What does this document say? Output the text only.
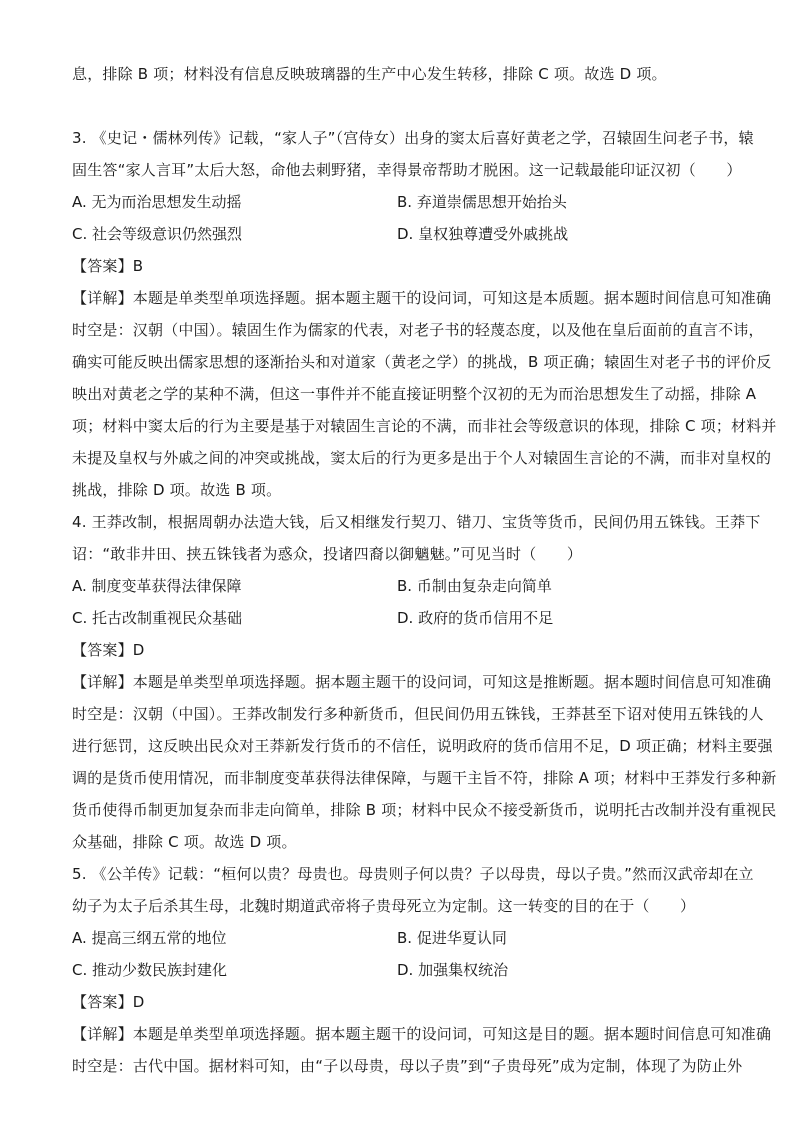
息，排除 B 项；材料没有信息反映玻璃器的生产中心发生转移，排除 C 项。故选 D 项。
3. 《史记・儒林列传》记载，“家人子”（宫侍女）出身的窦太后喜好黄老之学，召辕固生问老子书，辕
固生答“家人言耳”太后大怒，命他去刺野猪，幸得景帝帮助才脱困。这一记载最能印证汉初（　　）
A. 无为而治思想发生动摇	B. 弃道崇儒思想开始抬头
C. 社会等级意识仍然强烈	D. 皇权独尊遭受外戚挑战
【答案】B
【详解】本题是单类型单项选择题。据本题主题干的设问词，可知这是本质题。据本题时间信息可知准确
时空是：汉朝（中国）。辕固生作为儒家的代表，对老子书的轻蔑态度，以及他在皇后面前的直言不讳，
确实可能反映出儒家思想的逐渐抬头和对道家（黄老之学）的挑战，B 项正确；辕固生对老子书的评价反
映出对黄老之学的某种不满，但这一事件并不能直接证明整个汉初的无为而治思想发生了动摇，排除 A
项；材料中窦太后的行为主要是基于对辕固生言论的不满，而非社会等级意识的体现，排除 C 项；材料并
未提及皇权与外戚之间的冲突或挑战，窦太后的行为更多是出于个人对辕固生言论的不满，而非对皇权的
挑战，排除 D 项。故选 B 项。
4. 王莽改制，根据周朝办法造大钱，后又相继发行契刀、错刀、宝货等货币，民间仍用五铢钱。王莽下
诏：“敢非井田、挟五铢钱者为惑众，投诸四裔以御魑魅。”可见当时（　　）
A. 制度变革获得法律保障	B. 币制由复杂走向简单
C. 托古改制重视民众基础	D. 政府的货币信用不足
【答案】D
【详解】本题是单类型单项选择题。据本题主题干的设问词，可知这是推断题。据本题时间信息可知准确
时空是：汉朝（中国）。王莽改制发行多种新货币，但民间仍用五铢钱，王莽甚至下诏对使用五铢钱的人
进行惩罚，这反映出民众对王莽新发行货币的不信任，说明政府的货币信用不足，D 项正确；材料主要强
调的是货币使用情况，而非制度变革获得法律保障，与题干主旨不符，排除 A 项；材料中王莽发行多种新
货币使得币制更加复杂而非走向简单，排除 B 项；材料中民众不接受新货币，说明托古改制并没有重视民
众基础，排除 C 项。故选 D 项。
5. 《公羊传》记载：“桓何以贵？母贵也。母贵则子何以贵？子以母贵，母以子贵。”然而汉武帝却在立
幼子为太子后杀其生母，北魏时期道武帝将子贵母死立为定制。这一转变的目的在于（　　）
A. 提高三纲五常的地位	B. 促进华夏认同
C. 推动少数民族封建化	D. 加强集权统治
【答案】D
【详解】本题是单类型单项选择题。据本题主题干的设问词，可知这是目的题。据本题时间信息可知准确
时空是：古代中国。据材料可知，由“子以母贵，母以子贵”到“子贵母死”成为定制，体现了为防止外
